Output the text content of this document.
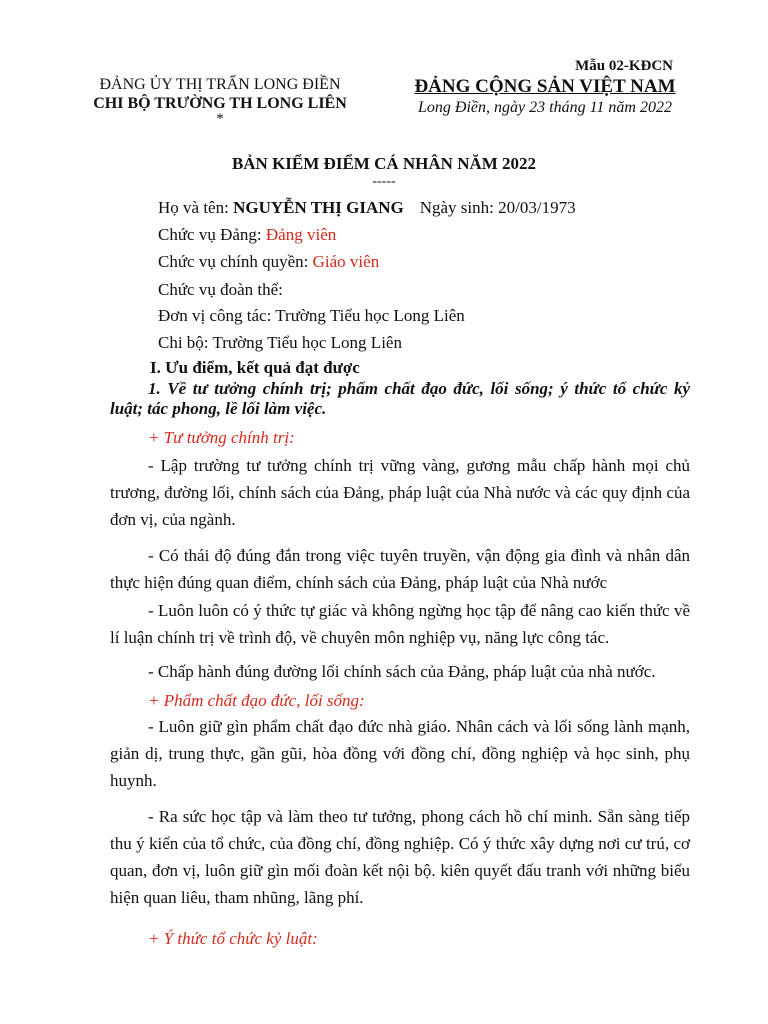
Mẫu 02-KĐCN
ĐẢNG ỦY THỊ TRẤN LONG ĐIỀN
CHI BỘ TRƯỜNG TH LONG LIÊN
*
ĐẢNG CỘNG SẢN VIỆT NAM
Long Điền, ngày 23 tháng 11 năm 2022
BẢN KIỂM ĐIỂM CÁ NHÂN NĂM 2022
-----
Họ và tên: NGUYỄN THỊ GIANG Ngày sinh: 20/03/1973
Chức vụ Đảng: Đảng viên
Chức vụ chính quyền: Giáo viên
Chức vụ đoàn thể:
Đơn vị công tác: Trường Tiểu học Long Liên
Chi bộ: Trường Tiểu học Long Liên
I. Ưu điểm, kết quả đạt được
1. Về tư tưởng chính trị; phẩm chất đạo đức, lối sống; ý thức tổ chức kỷ luật; tác phong, lề lối làm việc.
+ Tư tưởng chính trị:
- Lập trường tư tưởng chính trị vững vàng, gương mẫu chấp hành mọi chủ trương, đường lối, chính sách của Đảng, pháp luật của Nhà nước và các quy định của đơn vị, của ngành.
- Có thái độ đúng đắn trong việc tuyên truyền, vận động gia đình và nhân dân thực hiện đúng quan điểm, chính sách của Đảng, pháp luật của Nhà nước
- Luôn luôn có ý thức tự giác và không ngừng học tập để nâng cao kiến thức về lí luận chính trị về trình độ, về chuyên môn nghiệp vụ, năng lực công tác.
- Chấp hành đúng đường lối chính sách của Đảng, pháp luật của nhà nước.
+ Phẩm chất đạo đức, lối sống:
- Luôn giữ gìn phẩm chất đạo đức nhà giáo. Nhân cách và lối sống lành mạnh, giản dị, trung thực, gần gũi, hòa đồng với đồng chí, đồng nghiệp và học sinh, phụ huynh.
- Ra sức học tập và làm theo tư tưởng, phong cách hồ chí minh. Sẵn sàng tiếp thu ý kiến của tổ chức, của đồng chí, đồng nghiệp. Có ý thức xây dựng nơi cư trú, cơ quan, đơn vị, luôn giữ gìn mối đoàn kết nội bộ. kiên quyết đấu tranh với những biểu hiện quan liêu, tham nhũng, lãng phí.
+ Ý thức tổ chức kỷ luật:
